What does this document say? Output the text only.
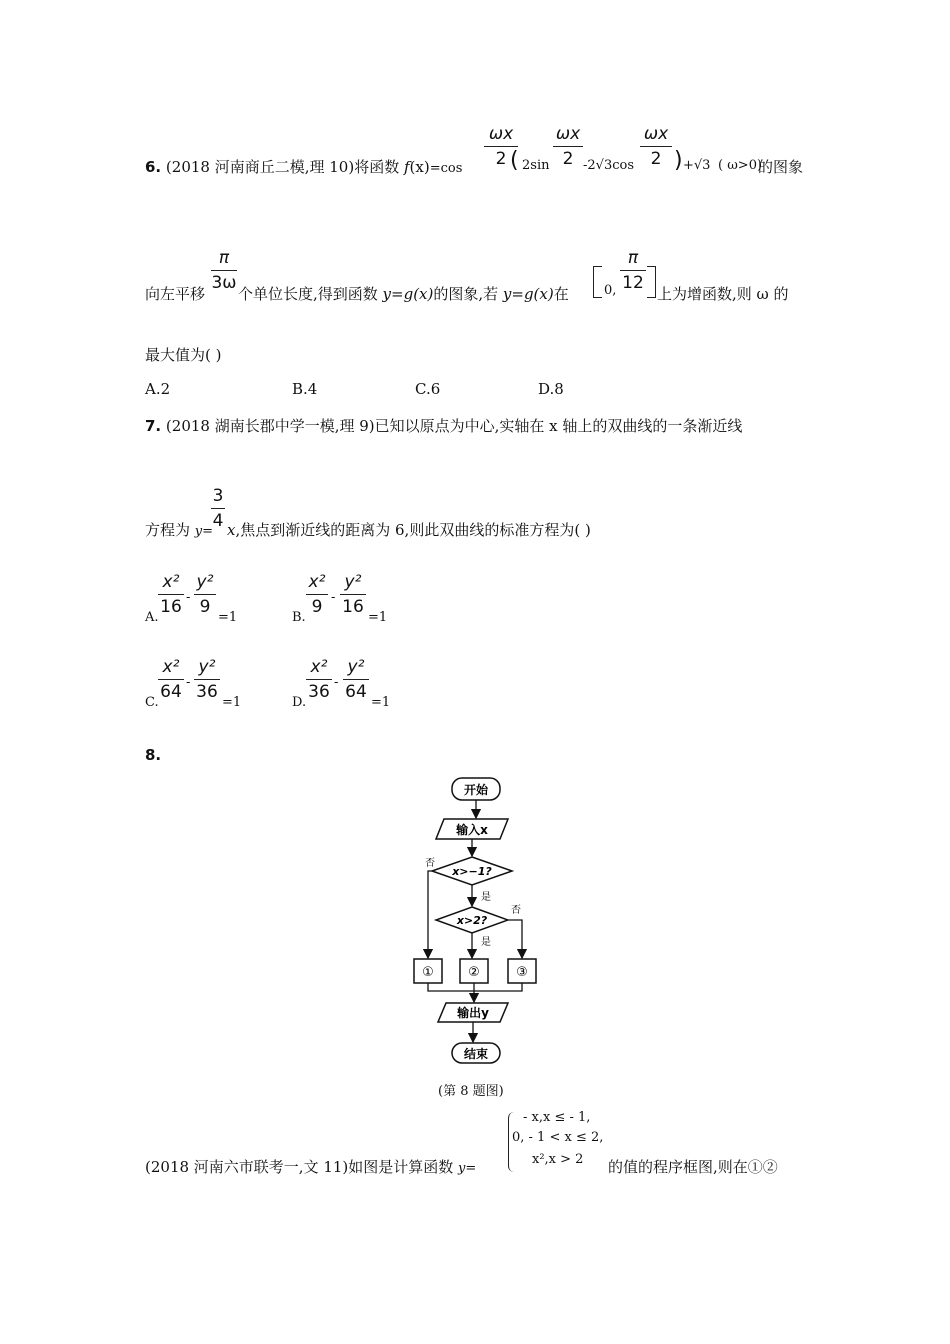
6. (2018 河南商丘二模,理 10)将函数 f(x)=cos
ωx
2 ( 2sin
ωx
2 -2√3cos
ωx
2 ) +√3 ( ω>0)
的图象
向左平移
π
3ω
个单位长度,得到函数 y=g(x)的图象,若 y=g(x)在	0,
π
12
上为增函数,则 ω 的
最大值为( )
A.2	B.4	C.6	D.8
7. (2018 湖南长郡中学一模,理 9)已知以原点为中心,实轴在 x 轴上的双曲线的一条渐近线
方程为 y=
3
4 x,焦点到渐近线的距离为 6,则此双曲线的标准方程为( )
A.
x²
16 -
y²
9
=1	B.
x²
9 -
y²
16
=1
C.
x²
64 -
y²
36
=1	D.
x²
36 -
y²
64
=1
8.
开始
输入x
x>−1?
否
是
x>2?
否
是
①	②	③
输出y
结束
(第 8 题图)
(2018 河南六市联考一,文 11)如图是计算函数 y=
- x,x ≤ - 1,
0, - 1 < x ≤ 2,
x²,x > 2 的值的程序框图,则在①②
